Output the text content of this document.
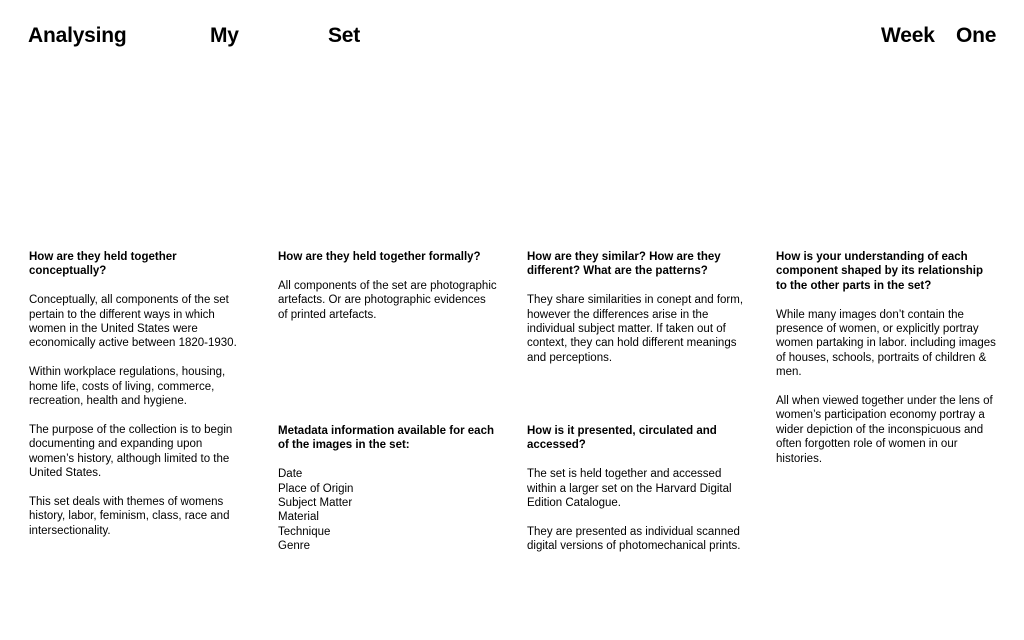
Analysing	My	Set	Week One

How are they held together conceptually?

Conceptually, all components of the set pertain to the different ways in which women in the United States were economically active between 1820-1930.

Within workplace regulations, housing, home life, costs of living, commerce, recreation, health and hygiene.

The purpose of the collection is to begin documenting and expanding upon women’s history, although limited to the United States.

This set deals with themes of womens history, labor, feminism, class, race and intersectionality.

How are they held together formally?

All components of the set are photographic artefacts. Or are photographic evidences of printed artefacts.

Metadata information available for each of the images in the set:

Date
Place of Origin
Subject Matter
Material
Technique
Genre

How are they similar? How are they different? What are the patterns?

They share similarities in conept and form, however the differences arise in the individual subject matter. If taken out of context, they can hold different meanings and perceptions.

How is it presented, circulated and accessed?

The set is held together and accessed within a larger set on the Harvard Digital Edition Catalogue.

They are presented as individual scanned digital versions of photomechanical prints.

How is your understanding of each component shaped by its relationship to the other parts in the set?

While many images don’t contain the presence of women, or explicitly portray women partaking in labor. including images of houses, schools, portraits of children & men.

All when viewed together under the lens of women’s participation economy portray a wider depiction of the inconspicuous and often forgotten role of women in our histories.
